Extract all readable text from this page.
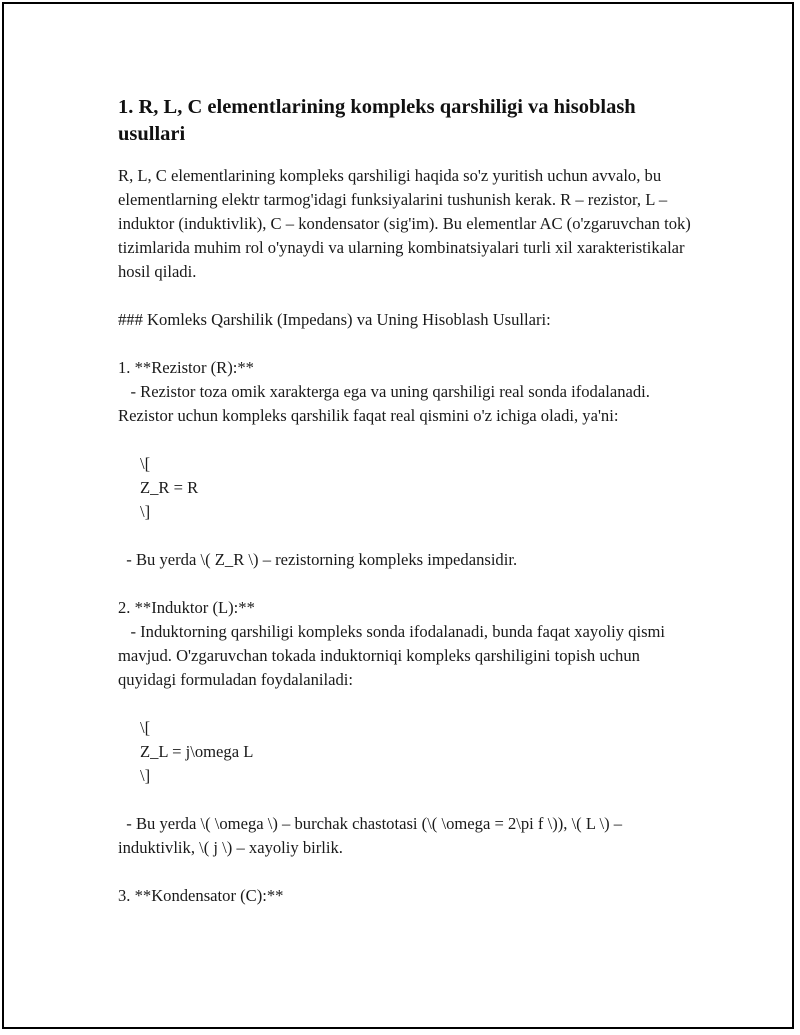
1. R, L, C elementlarining kompleks qarshiligi va hisoblash usullari

R, L, C elementlarining kompleks qarshiligi haqida so'z yuritish uchun avvalo, bu elementlarning elektr tarmog'idagi funksiyalarini tushunish kerak. R – rezistor, L – induktor (induktivlik), C – kondensator (sig'im). Bu elementlar AC (o'zgaruvchan tok) tizimlarida muhim rol o'ynaydi va ularning kombinatsiyalari turli xil xarakteristikalar hosil qiladi.

### Komleks Qarshilik (Impedans) va Uning Hisoblash Usullari:

1. **Rezistor (R):**

- Rezistor toza omik xarakterga ega va uning qarshiligi real sonda ifodalanadi. Rezistor uchun kompleks qarshilik faqat real qismini o'z ichiga oladi, ya'ni:

\[

Z_R = R

\]

- Bu yerda \( Z_R \) – rezistorning kompleks impedansidir.

2. **Induktor (L):**

- Induktorning qarshiligi kompleks sonda ifodalanadi, bunda faqat xayoliy qismi mavjud. O'zgaruvchan tokada induktorniqi kompleks qarshiligini topish uchun quyidagi formuladan foydalaniladi:

\[

Z_L = j\omega L

\]

- Bu yerda \( \omega \) – burchak chastotasi (\( \omega = 2\pi f \)), \( L \) – induktivlik, \( j \) – xayoliy birlik.

3. **Kondensator (C):**
